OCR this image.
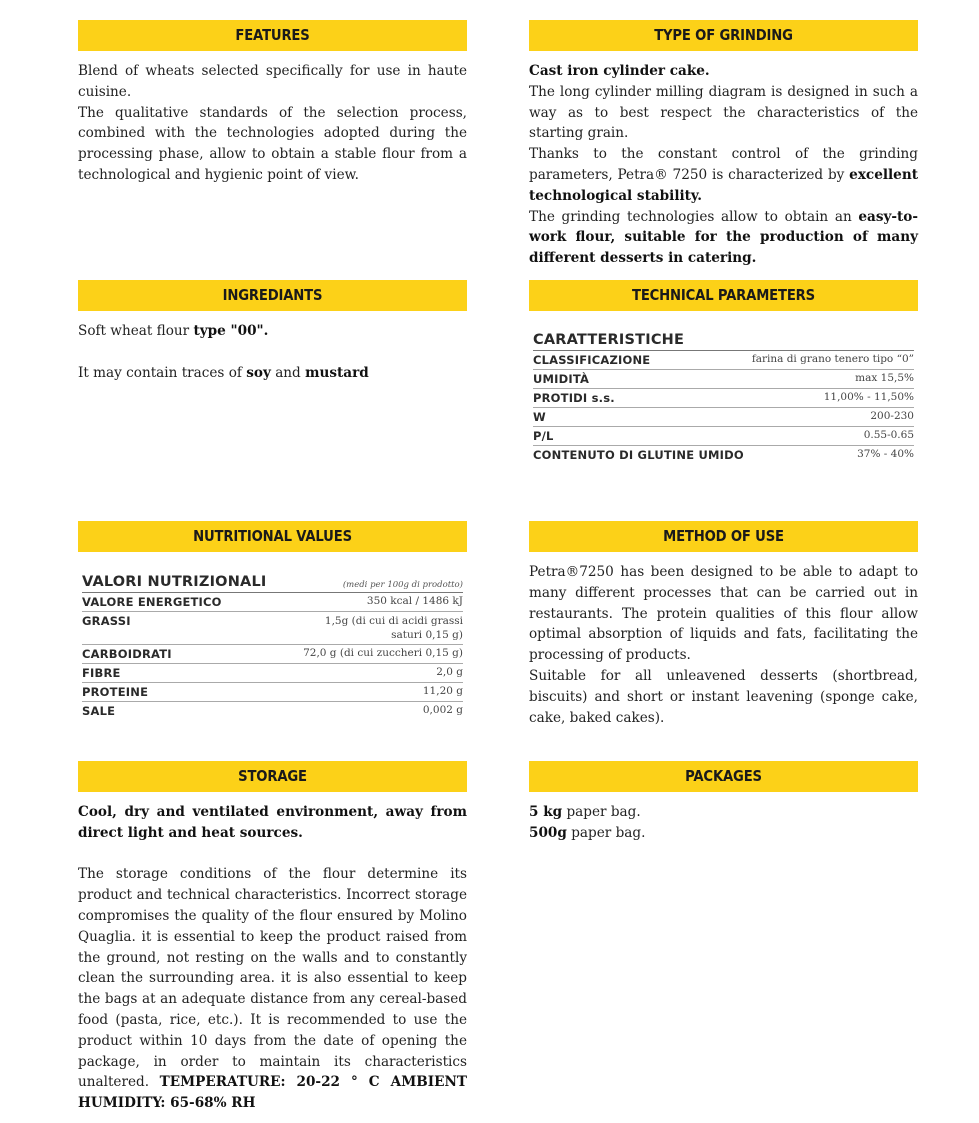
FEATURES

Blend of wheats selected specifically for use in haute cuisine.

The qualitative standards of the selection process, combined with the technologies adopted during the processing phase, allow to obtain a stable flour from a technological and hygienic point of view.

TYPE OF GRINDING

Cast iron cylinder cake.

The long cylinder milling diagram is designed in such a way as to best respect the characteristics of the starting grain.

Thanks to the constant control of the grinding parameters, Petra® 7250 is characterized by excellent technological stability.

The grinding technologies allow to obtain an easy-to-work flour, suitable for the production of many different desserts in catering.

INGREDIANTS

Soft wheat flour type "00".

It may contain traces of soy and mustard

TECHNICAL PARAMETERS
CARATTERISTICHE
CLASSIFICAZIONE	farina di grano tenero tipo “0”
UMIDITÀ	max 15,5%
PROTIDI s.s.	11,00% - 11,50%
W	200-230
P/L	0.55-0.65
CONTENUTO DI GLUTINE UMIDO	37% - 40%
NUTRITIONAL VALUES
VALORI NUTRIZIONALI	(medi per 100g di prodotto)
VALORE ENERGETICO	350 kcal / 1486 kJ
GRASSI	1,5g (di cui di acidi grassi saturi 0,15 g)
CARBOIDRATI	72,0 g (di cui zuccheri 0,15 g)
FIBRE	2,0 g
PROTEINE	11,20 g
SALE	0,002 g
METHOD OF USE

Petra®7250 has been designed to be able to adapt to many different processes that can be carried out in restaurants. The protein qualities of this flour allow optimal absorption of liquids and fats, facilitating the processing of products.

Suitable for all unleavened desserts (shortbread, biscuits) and short or instant leavening (sponge cake, cake, baked cakes).

STORAGE

Cool, dry and ventilated environment, away from direct light and heat sources.

The storage conditions of the flour determine its product and technical characteristics. Incorrect storage compromises the quality of the flour ensured by Molino Quaglia. it is essential to keep the product raised from the ground, not resting on the walls and to constantly clean the surrounding area. it is also essential to keep the bags at an adequate distance from any cereal-based food (pasta, rice, etc.). It is recommended to use the product within 10 days from the date of opening the package, in order to maintain its characteristics unaltered. TEMPERATURE: 20-22 ° C AMBIENT HUMIDITY: 65-68% RH

PACKAGES

5 kg paper bag.

500g paper bag.
